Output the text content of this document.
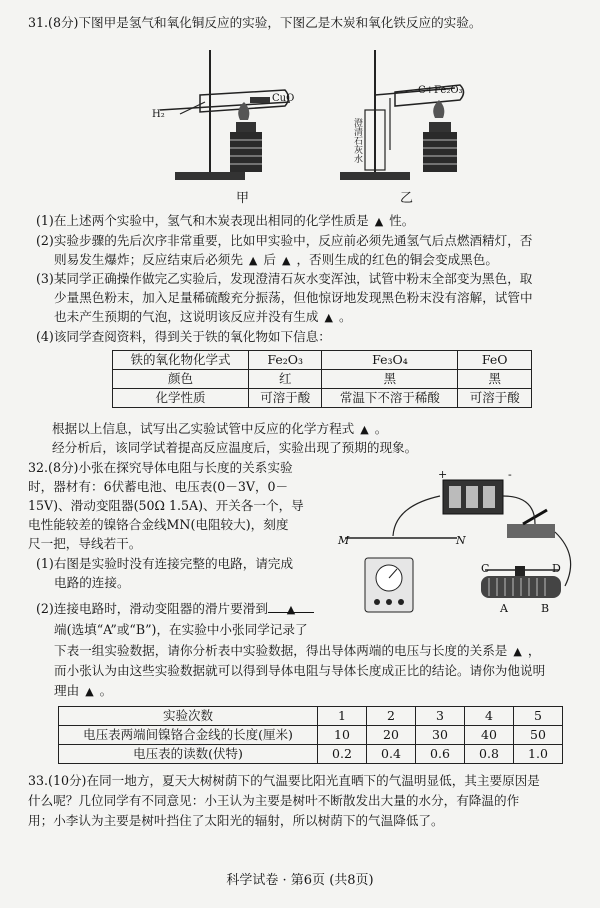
31.(8分)下图甲是氢气和氧化铜反应的实验，下图乙是木炭和氧化铁反应的实验。
H₂
CuO
甲
C+Fe₂O₃
澄清石灰水
乙
(1)在上述两个实验中，氢气和木炭表现出相同的化学性质是 ▲ 性。
(2)实验步骤的先后次序非常重要，比如甲实验中，反应前必须先通氢气后点燃酒精灯，否
则易发生爆炸；反应结束后必须先 ▲ 后 ▲ ，否则生成的红色的铜会变成黑色。
(3)某同学正确操作做完乙实验后，发现澄清石灰水变浑浊，试管中粉末全部变为黑色，取
少量黑色粉末，加入足量稀硫酸充分振荡，但他惊讶地发现黑色粉末没有溶解，试管中
也未产生预期的气泡，这说明该反应并没有生成 ▲ 。
(4)该同学查阅资料，得到关于铁的氧化物如下信息：
铁的氧化物化学式	Fe₂O₃	Fe₃O₄	FeO
颜色	红	黑	黑
化学性质	可溶于酸	常温下不溶于稀酸	可溶于酸
根据以上信息，试写出乙实验试管中反应的化学方程式 ▲ 。
经分析后，该同学试着提高反应温度后，实验出现了预期的现象。
32.(8分)小张在探究导体电阻与长度的关系实验
时，器材有：6伏蓄电池、电压表(0－3V，0－
15V)、滑动变阻器(50Ω 1.5A)、开关各一个，导
电性能较差的镍铬合金线MN(电阻较大)，刻度
尺一把，导线若干。
(1)右图是实验时没有连接完整的电路，请完成
电路的连接。
(2)连接电路时，滑动变阻器的滑片要滑到 ▲
端(选填“A”或“B”)，在实验中小张同学记录了
M	N
+	-
C	D
A	B
下表一组实验数据，请你分析表中实验数据，得出导体两端的电压与长度的关系是 ▲ ，
而小张认为由这些实验数据就可以得到导体电阻与导体长度成正比的结论。请你为他说明
理由 ▲ 。
实验次数	1	2	3	4	5
电压表两端间镍铬合金线的长度(厘米)	10	20	30	40	50
电压表的读数(伏特)	0.2	0.4	0.6	0.8	1.0
33.(10分)在同一地方，夏天大树树荫下的气温要比阳光直晒下的气温明显低，其主要原因是
什么呢？几位同学有不同意见：小王认为主要是树叶不断散发出大量的水分，有降温的作
用；小李认为主要是树叶挡住了太阳光的辐射，所以树荫下的气温降低了。
科学试卷 · 第6页 (共8页)
